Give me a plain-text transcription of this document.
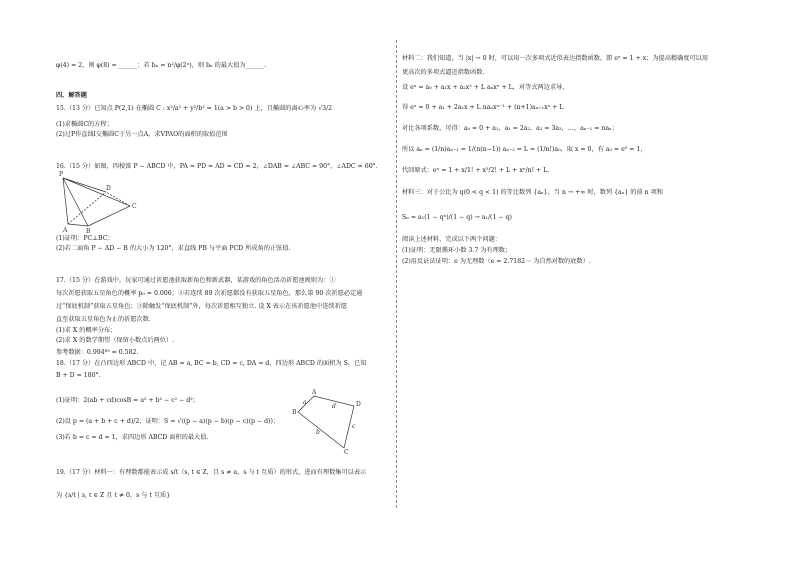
φ(4) = 2，则 φ(8) = ______；若 bₙ = n²/φ(2ⁿ)，则 bₙ 的最大值为______.
四、解答题
15.（13 分）已知点 P(2,1) 在椭圆 C : x²/a² + y²/b² = 1(a > b > 0) 上，且椭圆的离心率为 √3/2
(1)求椭圆C的方程；
(2)过P作直线l交椭圆C于另一点A，求VPAO的面积的取值范围
16.（15 分）如图，四棱锥 P − ABCD 中，PA = PD = AD = CD = 2，∠DAB = ∠ABC = 90°，∠ADC = 60°.
P
D
C
A	B
(1)证明：PC⊥BC；
(2)若二面角 P − AD − B 的大小为 120°，求直线 PB 与平面 PCD 所成角的正弦值.
17.（15 分）在游戏中，玩家可通过祈愿池获取新角色和新武器，某游戏的角色活动祈愿池规则为：①
每次祈愿获取五星角色的概率 p₀ = 0.006；②若连续 89 次祈愿都没有获取五星角色，那么第 90 次祈愿必定通
过“保底机制”获取五星角色；③除触发“保底机制”外，每次祈愿相互独立. 设 X 表示在该祈愿池中连续祈愿
直至获取五星角色为止的祈愿次数.
(1)求 X 的概率分布；
(2)求 X 的数学期望（保留小数点后两位）.
参考数据：0.994⁸⁹ ≈ 0.582.
18.（17 分）在凸四边形 ABCD 中，记 AB = a, BC = b, CD = c, DA = d，四边形 ABCD 的面积为 S，已知
B + D = 180°.
(1)证明：2(ab + cd)cosB = a² + b² − c² − d²；
(2)设 p = (a + b + c + d)/2，证明：S = √((p − a)(p − b)(p − c)(p − d))；
(3)若 b = c = d = 1，求四边形 ABCD 面积的最大值.
A
B
C
D
a
b
c
d
19.（17 分）材料一：有理数都能表示成 s/t（s, t ∈ Z，且 s ≠ a，s 与 t 互质）的形式，进而有理数集可以表示
为 {s/t | s, t ∈ Z 且 t ≠ 0，s 与 t 互质}
材料二：我们知道，当 |x| → 0 时，可以用一次多项式近似表达指数函数，即 eˣ ≈ 1 + x；为提高精确度可以用
更高次的多项式逼近指数函数.
设 eˣ = a₀ + a₁x + a₂x² + L aₙxⁿ + L，对等式两边求导，
得 eˣ = 0 + a₁ + 2a₂x + L naₙxⁿ⁻¹ + (n+1)aₙ₊₁xⁿ + L
对比各项系数，可得：a₀ = 0 + a₁，a₁ = 2a₂，a₂ = 3a₃，…，aₙ₋₁ = naₙ；
所以 aₙ = (1/n)aₙ₋₁ = 1/(n(n−1)) aₙ₋₂ = L = (1/n!)a₀，取 x = 0，有 a₀ = e⁰ = 1，
代回原式：eˣ = 1 + x/1! + x²/2! + L + xⁿ/n! + L.
材料三：对于公比为 q(0 < q < 1) 的等比数列 {aₙ}，当 n → +∞ 时，数列 {aₙ} 的前 n 项和
Sₙ = a₁(1 − qⁿ)/(1 − q) → a₁/(1 − q)
阅读上述材料，完成以下两个问题：
(1)证明：无限循环小数 3.7 为有理数；
(2)用反证法证明：e 为无理数（e = 2.7182⋯ 为自然对数的底数）.
